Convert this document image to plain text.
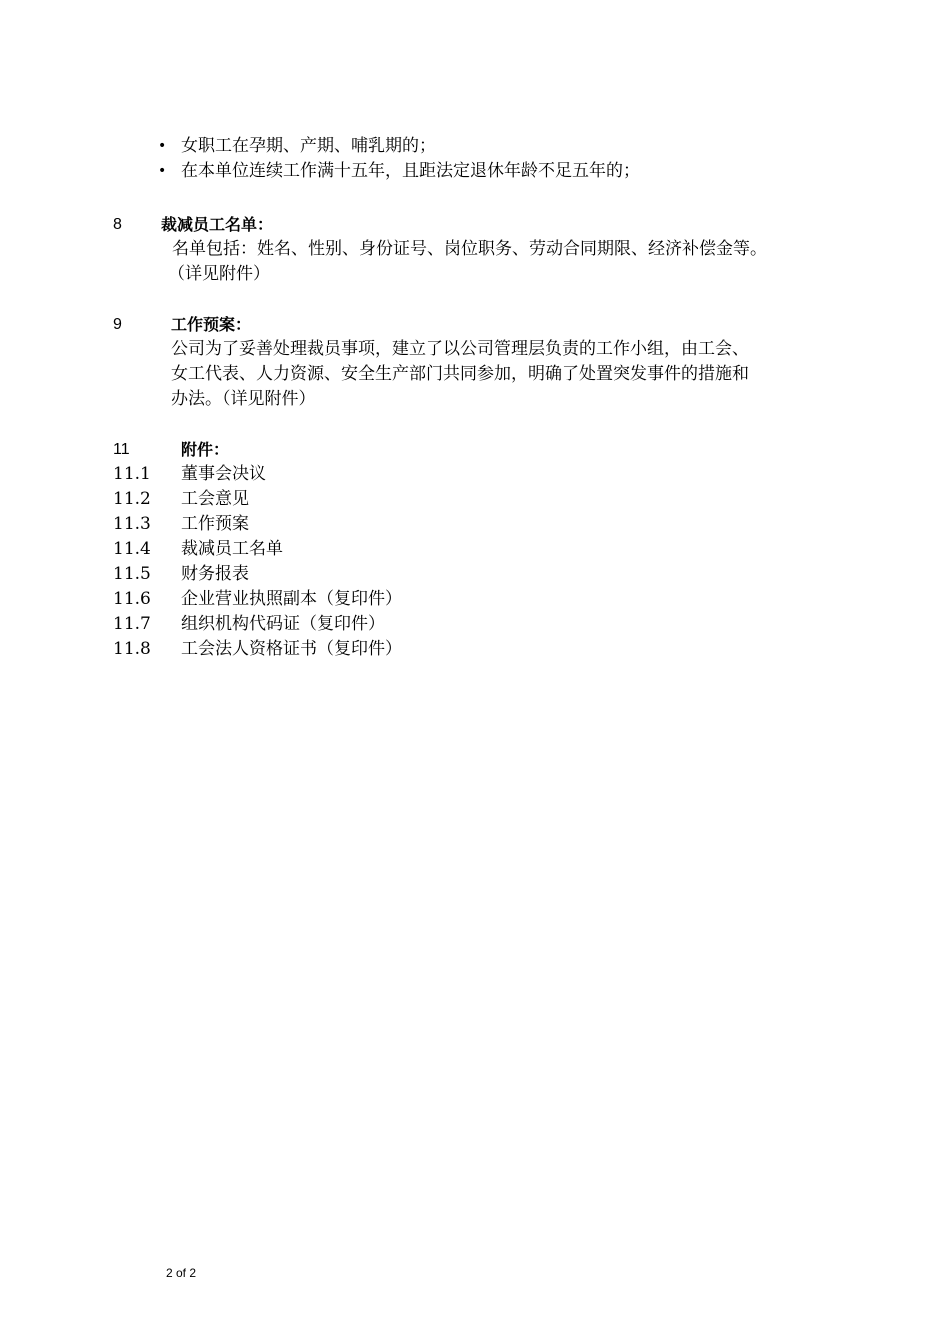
• 女职工在孕期、产期、哺乳期的；
• 在本单位连续工作满十五年，且距法定退休年龄不足五年的；
8 裁减员工名单：
名单包括：姓名、性别、身份证号、岗位职务、劳动合同期限、经济补偿金等。
（详见附件）
9	工作预案：
公司为了妥善处理裁员事项，建立了以公司管理层负责的工作小组，由工会、
女工代表、人力资源、安全生产部门共同参加，明确了处置突发事件的措施和
办法。（详见附件）
11	附件：
11.1 董事会决议
11.2 工会意见
11.3 工作预案
11.4 裁减员工名单
11.5 财务报表
11.6 企业营业执照副本（复印件）
11.7 组织机构代码证（复印件）
11.8 工会法人资格证书（复印件）
2 of 2
